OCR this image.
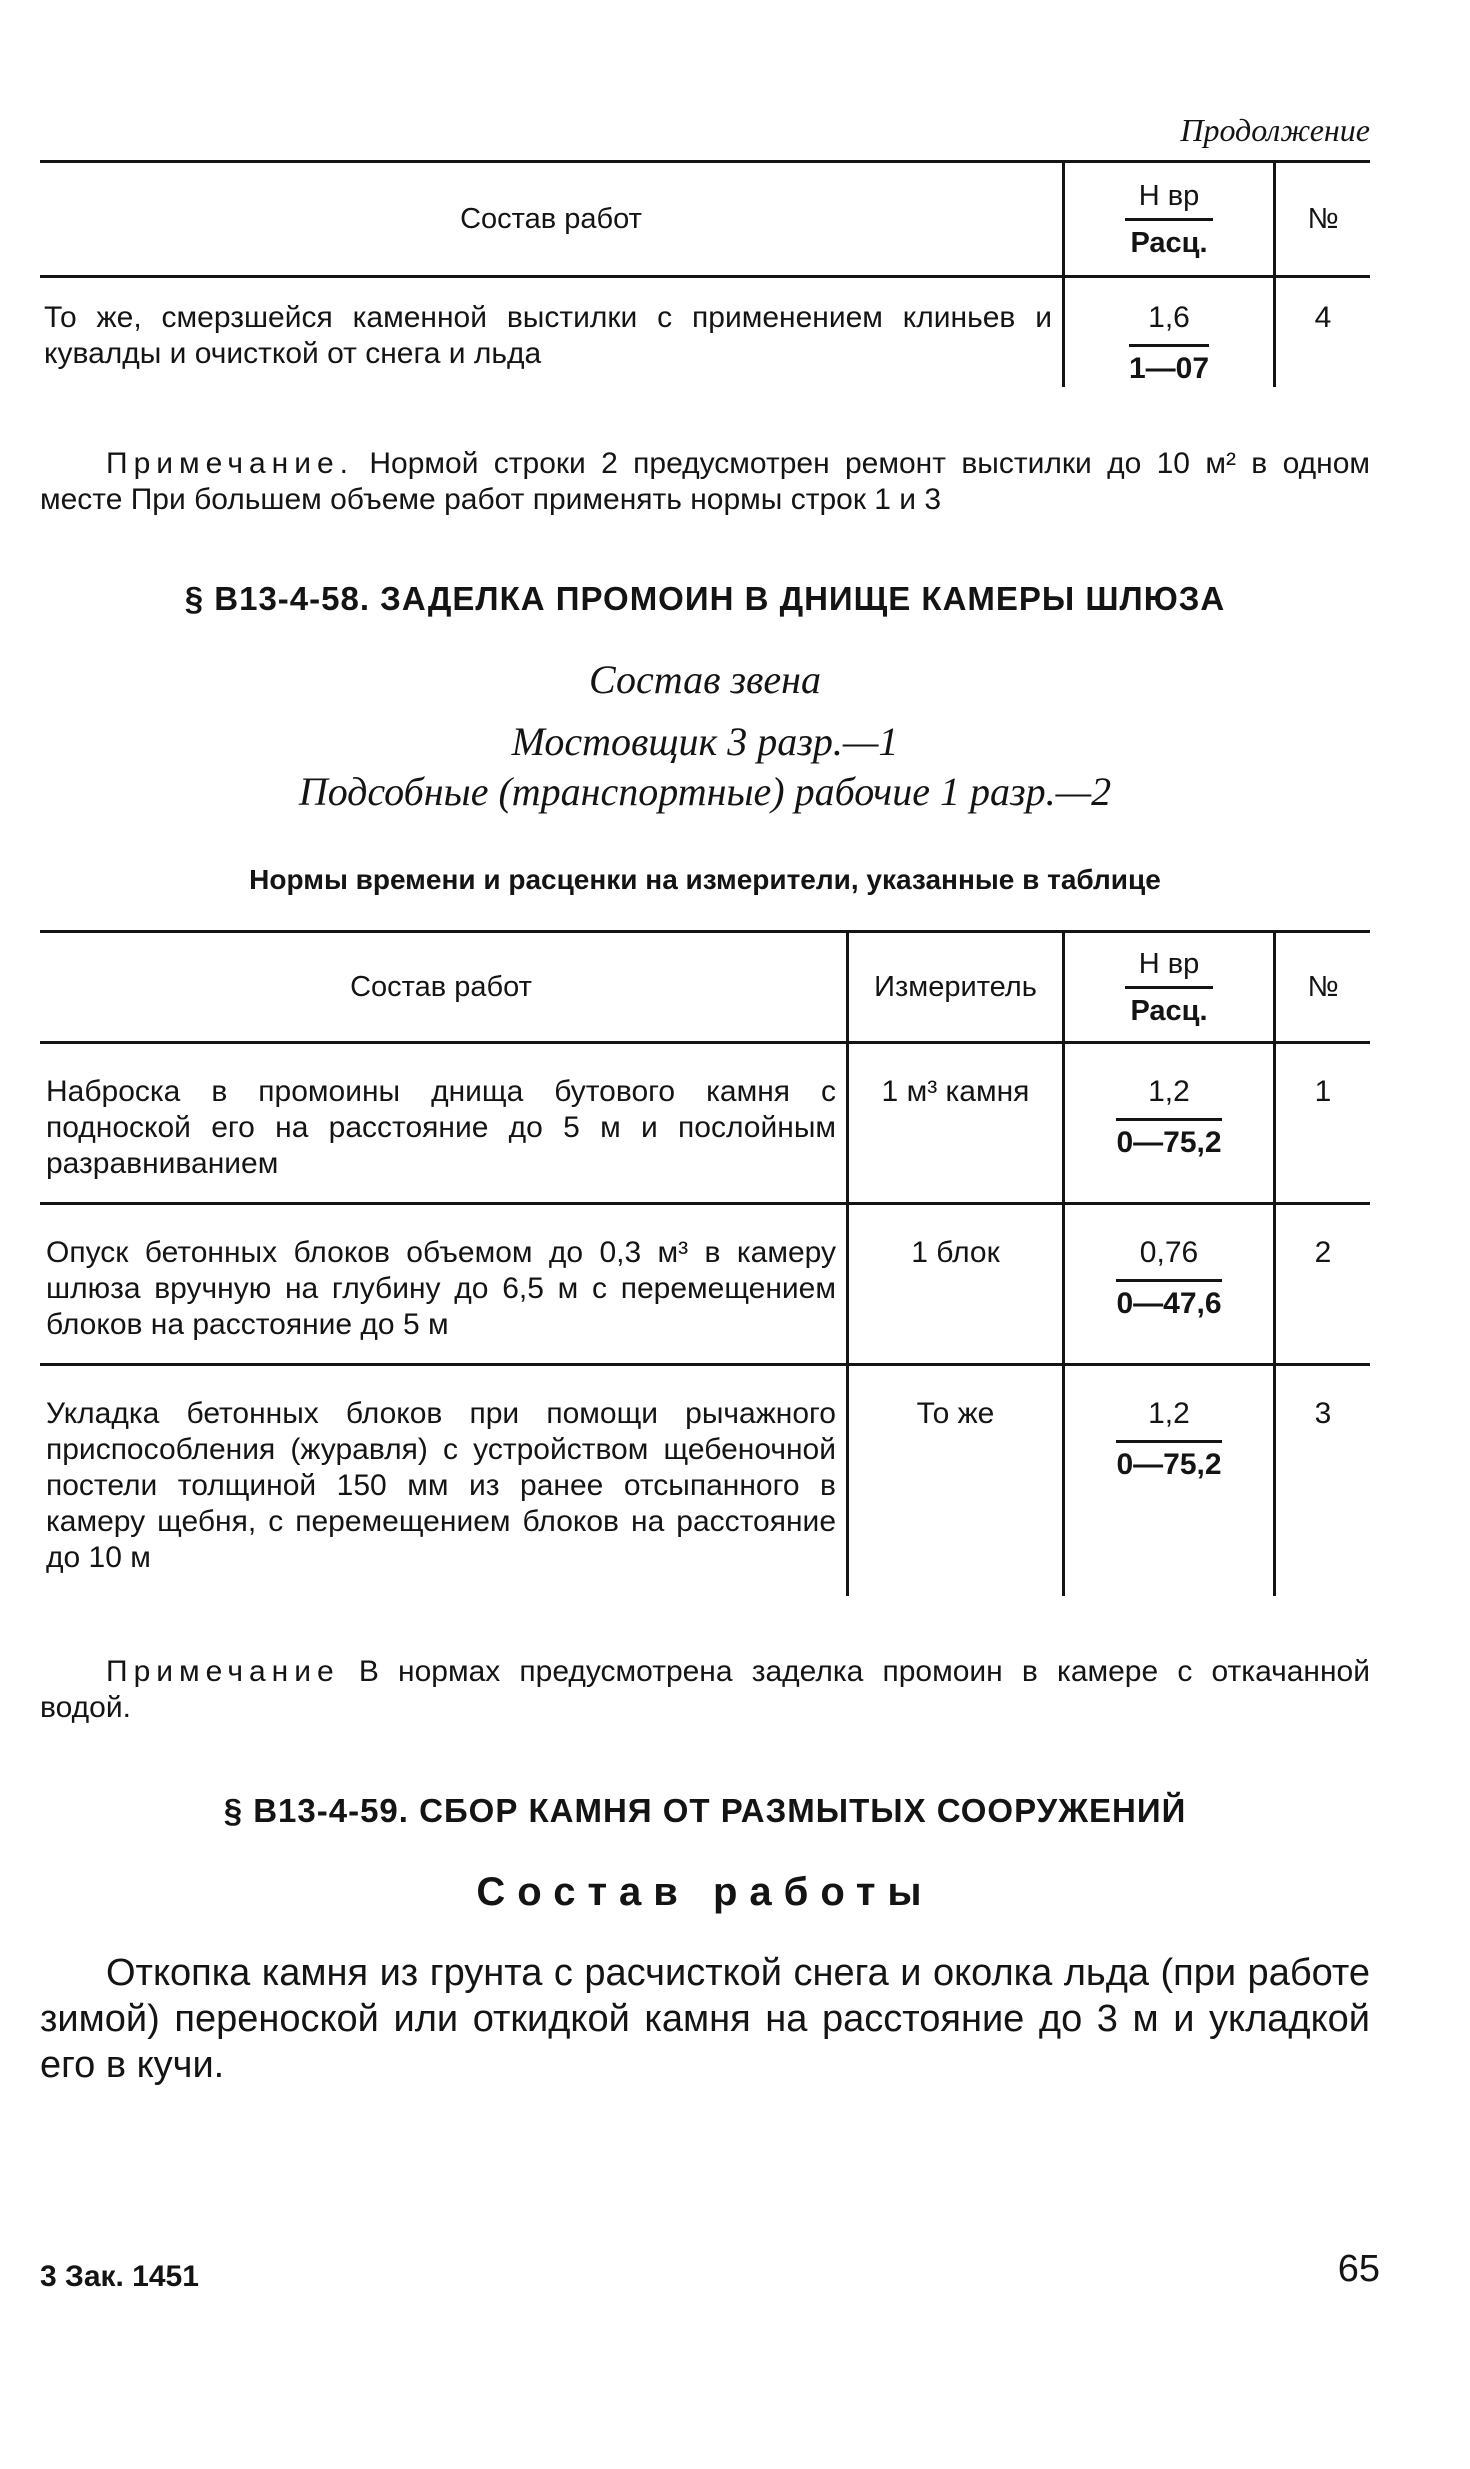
Продолжение
Состав работ	$\frac{\text{Н вр}}{\text{Расц.}}$	№
То же, смерзшейся каменной выстилки с применением клиньев и кувалды и очисткой от снега и льда	$\frac{1,6}{1—07}$	4
Примечание. Нормой строки 2 предусмотрен ремонт выстилки до 10 м² в одном месте При большем объеме работ применять нормы строк 1 и 3
§ В13-4-58. ЗАДЕЛКА ПРОМОИН В ДНИЩЕ КАМЕРЫ ШЛЮЗА
Состав звена
Мостовщик 3 разр.—1
Подсобные (транспортные) рабочие 1 разр.—2
Нормы времени и расценки на измерители, указанные в таблице
Состав работ	Измеритель	$\frac{\text{Н вр}}{\text{Расц.}}$	№
Наброска в промоины днища бутового камня с подноской его на расстояние до 5 м и послойным разравниванием	1 м³ камня	$\frac{1,2}{0—75,2}$	1
Опуск бетонных блоков объемом до 0,3 м³ в камеру шлюза вручную на глубину до 6,5 м с перемещением блоков на расстояние до 5 м	1 блок	$\frac{0,76}{0—47,6}$	2
Укладка бетонных блоков при помощи рычажного приспособления (журавля) с устройством щебеночной постели толщиной 150 мм из ранее отсыпанного в камеру щебня, с перемещением блоков на расстояние до 10 м	То же	$\frac{1,2}{0—75,2}$	3
Примечание В нормах предусмотрена заделка промоин в камере с откачанной водой.
§ В13-4-59. СБОР КАМНЯ ОТ РАЗМЫТЫХ СООРУЖЕНИЙ
Состав работы
Откопка камня из грунта с расчисткой снега и околка льда (при работе зимой) переноской или откидкой камня на расстояние до 3 м и укладкой его в кучи.
3 Зак. 1451	65
